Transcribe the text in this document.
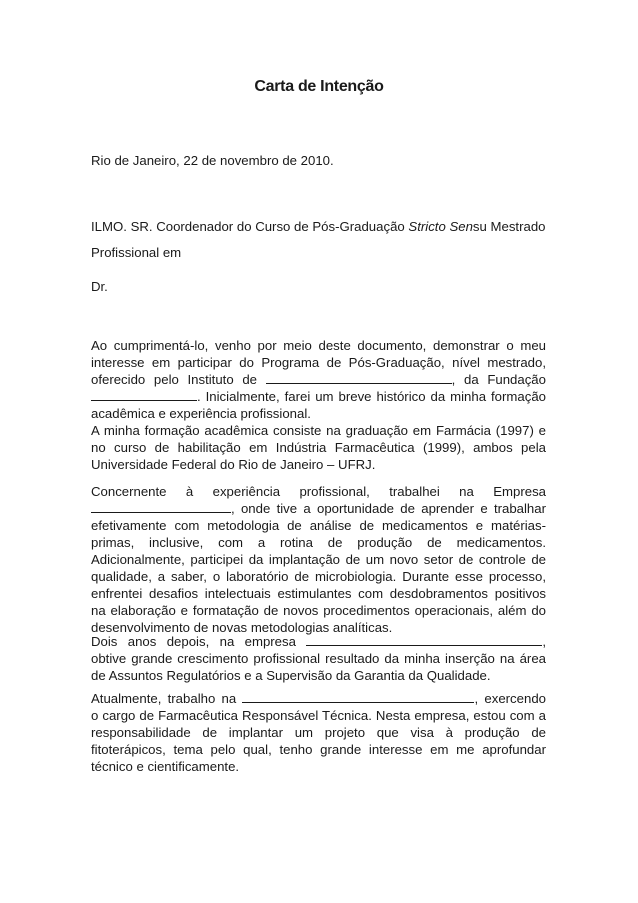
Carta de Intenção

Rio de Janeiro, 22 de novembro de 2010.

ILMO. SR. Coordenador do Curso de Pós-Graduação Stricto Sensu Mestrado

Profissional em

Dr.

Ao cumprimentá-lo, venho por meio deste documento, demonstrar o meu interesse em participar do Programa de Pós-Graduação, nível mestrado, oferecido pelo Instituto de	, da Fundação . Inicialmente, farei um breve histórico da minha formação acadêmica e experiência profissional.

A minha formação acadêmica consiste na graduação em Farmácia (1997) e no curso de habilitação em Indústria Farmacêutica (1999), ambos pela Universidade Federal do Rio de Janeiro – UFRJ.

Concernente à experiência profissional, trabalhei na Empresa , onde tive a oportunidade de aprender e trabalhar efetivamente com metodologia de análise de medicamentos e matérias-primas, inclusive, com a rotina de produção de medicamentos. Adicionalmente, participei da implantação de um novo setor de controle de qualidade, a saber, o laboratório de microbiologia. Durante esse processo, enfrentei desafios intelectuais estimulantes com desdobramentos positivos na elaboração e formatação de novos procedimentos operacionais, além do desenvolvimento de novas metodologias analíticas.

Dois anos depois, na empresa	, obtive grande crescimento profissional resultado da minha inserção na área de Assuntos Regulatórios e a Supervisão da Garantia da Qualidade.

Atualmente, trabalho na	, exercendo o cargo de Farmacêutica Responsável Técnica. Nesta empresa, estou com a responsabilidade de implantar um projeto que visa à produção de fitoterápicos, tema pelo qual, tenho grande interesse em me aprofundar técnico e cientificamente.
